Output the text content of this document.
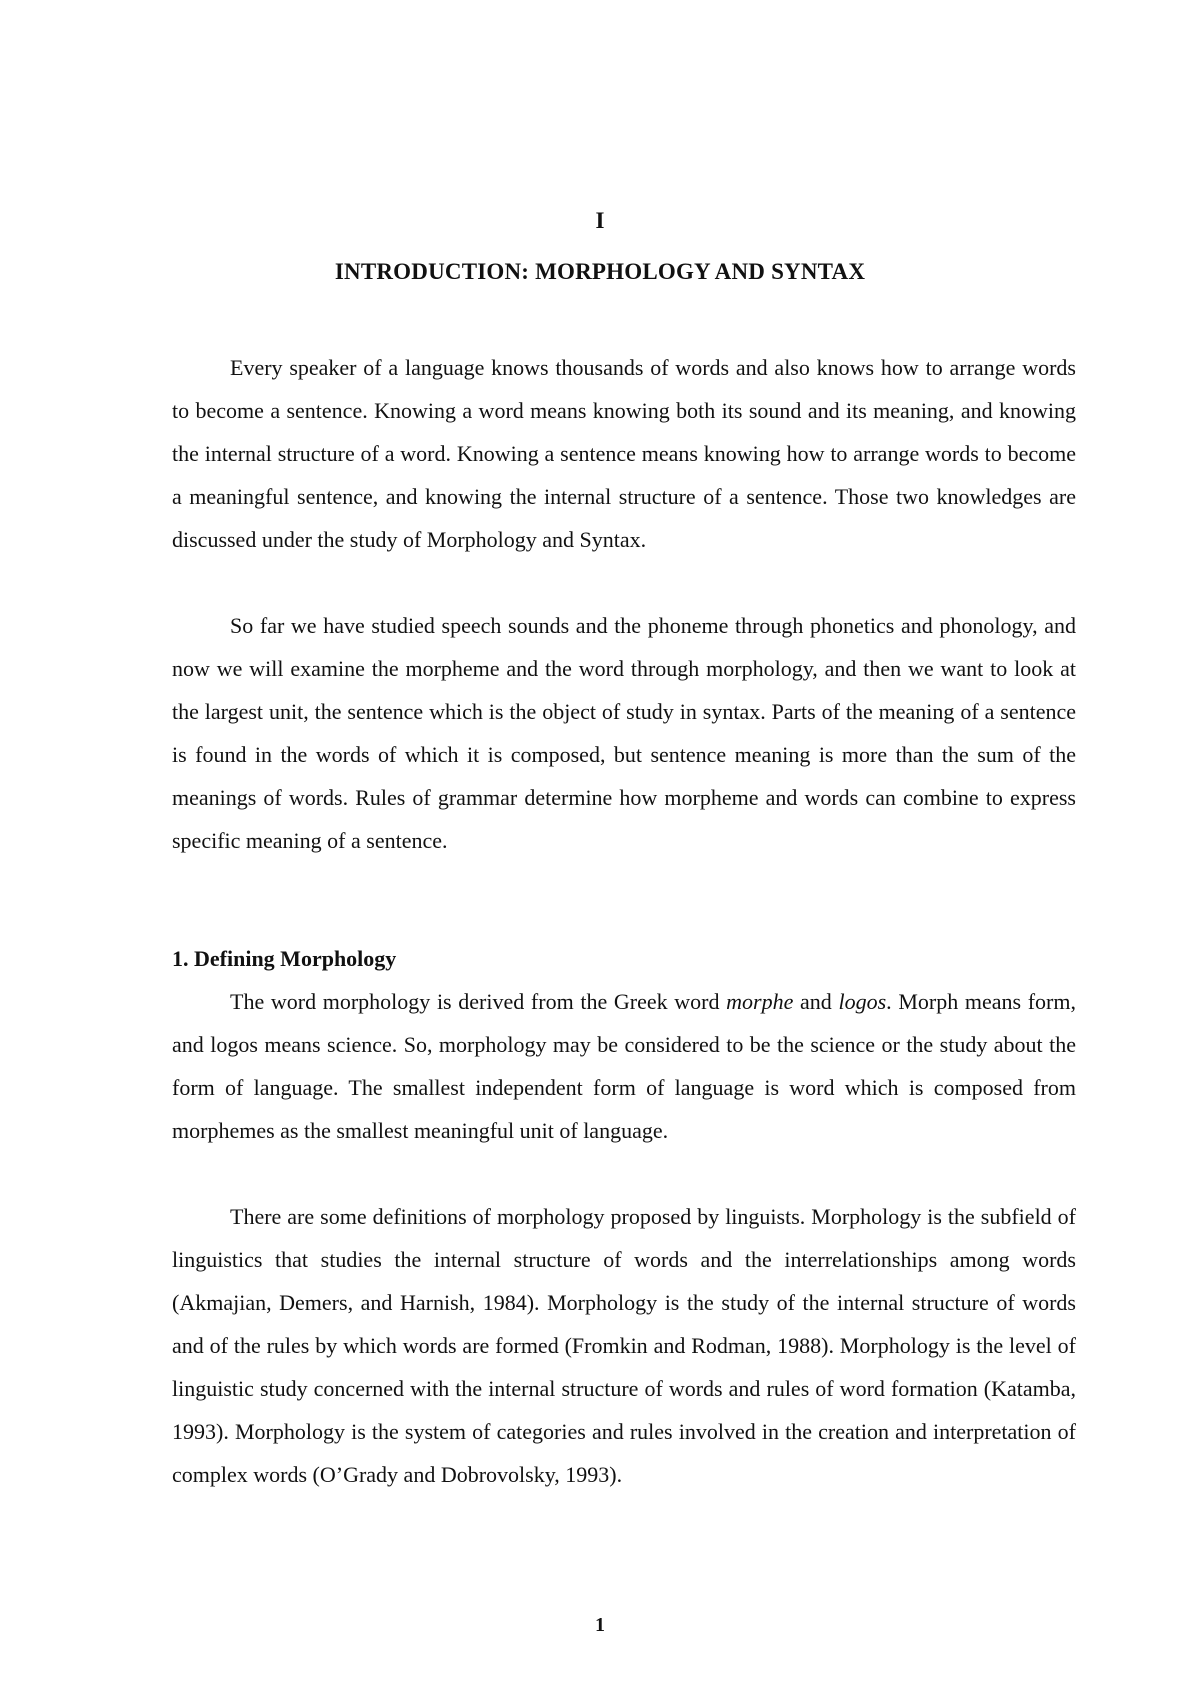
I
INTRODUCTION: MORPHOLOGY AND SYNTAX

Every speaker of a language knows thousands of words and also knows how to arrange words to become a sentence. Knowing a word means knowing both its sound and its meaning, and knowing the internal structure of a word. Knowing a sentence means knowing how to arrange words to become a meaningful sentence, and knowing the internal structure of a sentence. Those two knowledges are discussed under the study of Morphology and Syntax.

So far we have studied speech sounds and the phoneme through phonetics and phonology, and now we will examine the morpheme and the word through morphology, and then we want to look at the largest unit, the sentence which is the object of study in syntax. Parts of the meaning of a sentence is found in the words of which it is composed, but sentence meaning is more than the sum of the meanings of words. Rules of grammar determine how morpheme and words can combine to express specific meaning of a sentence.

1. Defining Morphology

The word morphology is derived from the Greek word morphe and logos. Morph means form, and logos means science. So, morphology may be considered to be the science or the study about the form of language. The smallest independent form of language is word which is composed from morphemes as the smallest meaningful unit of language.

There are some definitions of morphology proposed by linguists. Morphology is the subfield of linguistics that studies the internal structure of words and the interrelationships among words (Akmajian, Demers, and Harnish, 1984). Morphology is the study of the internal structure of words and of the rules by which words are formed (Fromkin and Rodman, 1988). Morphology is the level of linguistic study concerned with the internal structure of words and rules of word formation (Katamba, 1993). Morphology is the system of categories and rules involved in the creation and interpretation of complex words (O’Grady and Dobrovolsky, 1993).

1
